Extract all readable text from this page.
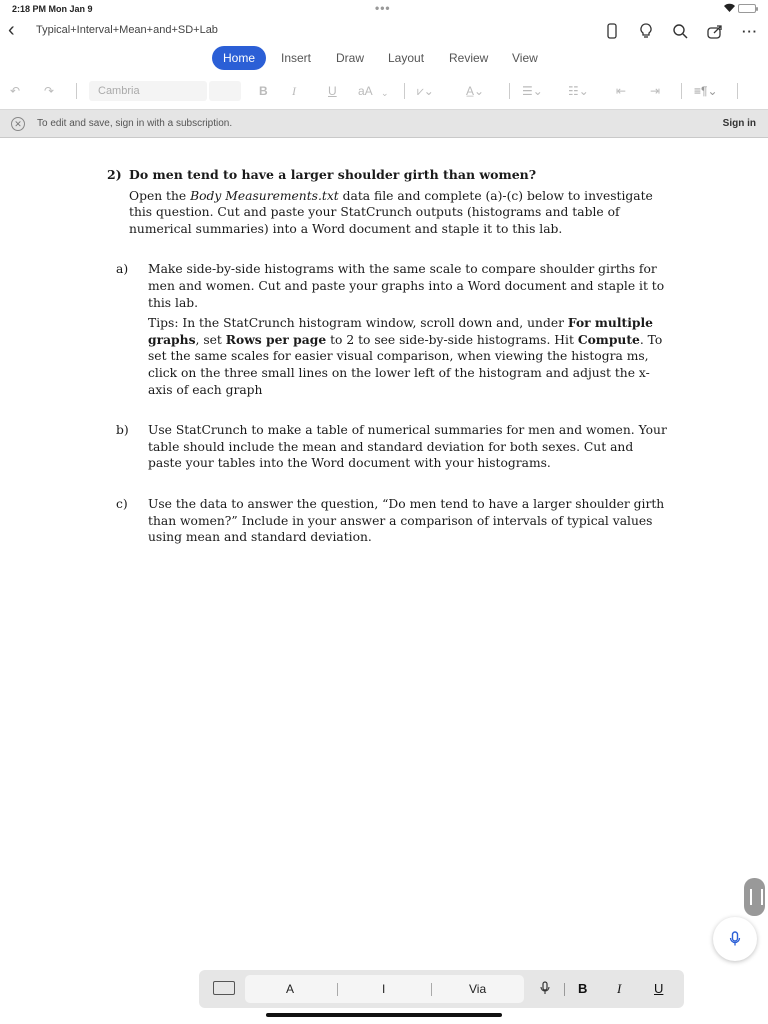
2:18 PM Mon Jan 9	•••
‹ Typical+Interval+Mean+and+SD+Lab	···
Home	Insert	Draw	Layout	Review	View
↶ ↷	Cambria	B I	U aA ⌄ ⩗⌄	A̲⌄	☰⌄ ☷⌄ ⇤ ⇥	≡¶⌄
✕	To edit and save, sign in with a subscription.	Sign in
2) Do men tend to have a larger shoulder girth than women?
Open the Body Measurements.txt data file and complete (a)-(c) below to investigate this question. Cut and paste your StatCrunch outputs (histograms and table of numerical summaries) into a Word document and staple it to this lab.
a) Make side-by-side histograms with the same scale to compare shoulder girths for men and women. Cut and paste your graphs into a Word document and staple it to this lab.
Tips: In the StatCrunch histogram window, scroll down and, under For multiple graphs, set Rows per page to 2 to see side-by-side histograms. Hit Compute. To set the same scales for easier visual comparison, when viewing the histogra ms, click on the three small lines on the lower left of the histogram and adjust the x-axis of each graph
b) Use StatCrunch to make a table of numerical summaries for men and women. Your table should include the mean and standard deviation for both sexes. Cut and paste your tables into the Word document with your histograms.
c) Use the data to answer the question, “Do men tend to have a larger shoulder girth than women?” Include in your answer a comparison of intervals of typical values using mean and standard deviation.
A	I	Via	B I	U
